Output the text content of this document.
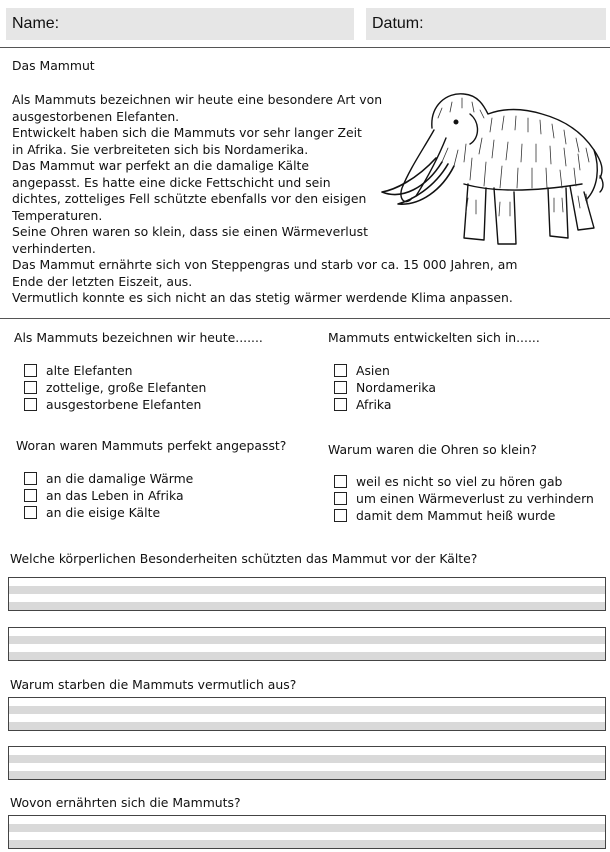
Name:	Datum:
Das Mammut
Als Mammuts bezeichnen wir heute eine besondere Art von
ausgestorbenen Elefanten.
Entwickelt haben sich die Mammuts vor sehr langer Zeit
in Afrika. Sie verbreiteten sich bis Nordamerika.
Das Mammut war perfekt an die damalige Kälte
angepasst. Es hatte eine dicke Fettschicht und sein
dichtes, zotteliges Fell schützte ebenfalls vor den eisigen
Temperaturen.
Seine Ohren waren so klein, dass sie einen Wärmeverlust
verhinderten.
Das Mammut ernährte sich von Steppengras und starb vor ca. 15 000 Jahren, am
Ende der letzten Eiszeit, aus.
Vermutlich konnte es sich nicht an das stetig wärmer werdende Klima anpassen.
Als Mammuts bezeichnen wir heute.......
alte Elefanten
zottelige, große Elefanten
ausgestorbene Elefanten
Mammuts entwickelten sich in......
Asien
Nordamerika
Afrika
Woran waren Mammuts perfekt angepasst?
an die damalige Wärme
an das Leben in Afrika
an die eisige Kälte
Warum waren die Ohren so klein?
weil es nicht so viel zu hören gab
um einen Wärmeverlust zu verhindern
damit dem Mammut heiß wurde
Welche körperlichen Besonderheiten schützten das Mammut vor der Kälte?
Warum starben die Mammuts vermutlich aus?
Wovon ernährten sich die Mammuts?
